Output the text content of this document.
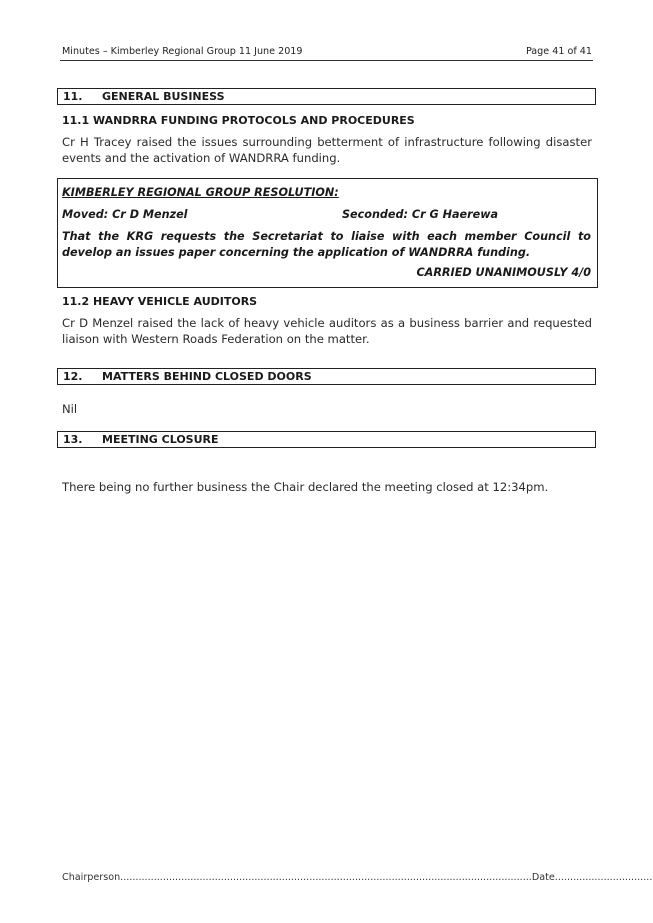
Minutes – Kimberley Regional Group 11 June 2019	Page 41 of 41
11. GENERAL BUSINESS
11.1 WANDRRA FUNDING PROTOCOLS AND PROCEDURES
Cr H Tracey raised the issues surrounding betterment of infrastructure following disaster events and the activation of WANDRRA funding.
KIMBERLEY REGIONAL GROUP RESOLUTION:
Moved: Cr D Menzel	Seconded: Cr G Haerewa
That the KRG requests the Secretariat to liaise with each member Council to develop an issues paper concerning the application of WANDRRA funding.
CARRIED UNANIMOUSLY 4/0
11.2 HEAVY VEHICLE AUDITORS
Cr D Menzel raised the lack of heavy vehicle auditors as a business barrier and requested liaison with Western Roads Federation on the matter.
12. MATTERS BEHIND CLOSED DOORS
Nil
13. MEETING CLOSURE
There being no further business the Chair declared the meeting closed at 12:34pm.
Chairperson.......................................................................................................................................Date................................
